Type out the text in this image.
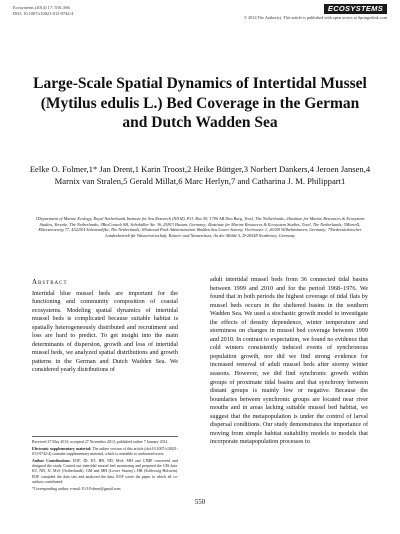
Ecosystems (2014) 17: 550–566
DOI: 10.1007/s10021-013-9742-4
ECOSYSTEMS
© 2014 The Author(s). This article is published with open access at Springerlink.com
Large-Scale Spatial Dynamics of Intertidal Mussel (Mytilus edulis L.) Bed Coverage in the German and Dutch Wadden Sea
Eelke O. Folmer,1* Jan Drent,1 Karin Troost,2 Heike Büttger,3 Norbert Dankers,4 Jeroen Jansen,4 Marnix van Stralen,5 Gerald Millat,6 Marc Herlyn,7 and Catharina J. M. Philippart1
1Department of Marine Ecology, Royal Netherlands Institute for Sea Research (NIOZ), P.O. Box 59, 1790 AB Den Burg, Texel, The Netherlands; 2Institute for Marine Resources & Ecosystem Studies, Yerseke, The Netherlands; 3BioConsult SH, Schobüller Str. 36, 25813 Husum, Germany; 4Institute for Marine Resources & Ecosystem Studies, Texel, The Netherlands; 5MarinX, Elkerzeeseweg 77, 4322NA Scharendijke, The Netherlands; 6National Park Administration Wadden Sea Lower Saxony, Virchowstr. 1, 26349 Wilhelmshaven, Germany; 7Niedersächsischer Landesbetrieb für Wasserwirtschaft, Küsten- und Naturschutz, An der Mühle 5, D-26548 Norderney, Germany
Abstract

Intertidal blue mussel beds are important for the functioning and community composition of coastal ecosystems. Modeling spatial dynamics of intertidal mussel beds is complicated because suitable habitat is spatially heterogeneously distributed and recruitment and loss are hard to predict. To get insight into the main determinants of dispersion, growth and loss of intertidal mussel beds, we analyzed spatial distributions and growth patterns in the German and Dutch Wadden Sea. We considered yearly distributions of

Received 27 May 2013; accepted 27 November 2013; published online 7 January 2014

Electronic supplementary material: The online version of this article (doi:10.1007/s10021-013-9742-4) contains supplementary material, which is available to authorized users.

Author Contributions: EOF, JD, KT, HB, ND, MvS, MH and CJMP conceived and designed the study. Carried out intertidal mussel bed monitoring and prepared the GIS data: KT, ND, JJ, MvS (Netherlands), GM and MH (Lower Saxony), HB (Schleswig-Holstein). EOF compiled the data sets and analyzed the data. EOF wrote the paper to which all co-authors contributed.

*Corresponding author; e-mail: E.O.Folmer@gmail.com

adult intertidal mussel beds from 36 connected tidal basins between 1999 and 2010 and for the period 1968–1976. We found that in both periods the highest coverage of tidal flats by mussel beds occurs in the sheltered basins in the southern Wadden Sea. We used a stochastic growth model to investigate the effects of density dependence, winter temperature and storminess on changes in mussel bed coverage between 1999 and 2010. In contrast to expectation, we found no evidence that cold winters consistently induced events of synchronous population growth, nor did we find strong evidence for increased removal of adult mussel beds after stormy winter seasons. However, we did find synchronic growth within groups of proximate tidal basins and that synchrony between distant groups is mainly low or negative. Because the boundaries between synchronic groups are located near river mouths and in areas lacking suitable mussel bed habitat, we suggest that the metapopulation is under the control of larval dispersal conditions. Our study demonstrates the importance of moving from simple habitat suitability models to models that incorporate metapopulation processes to

550
